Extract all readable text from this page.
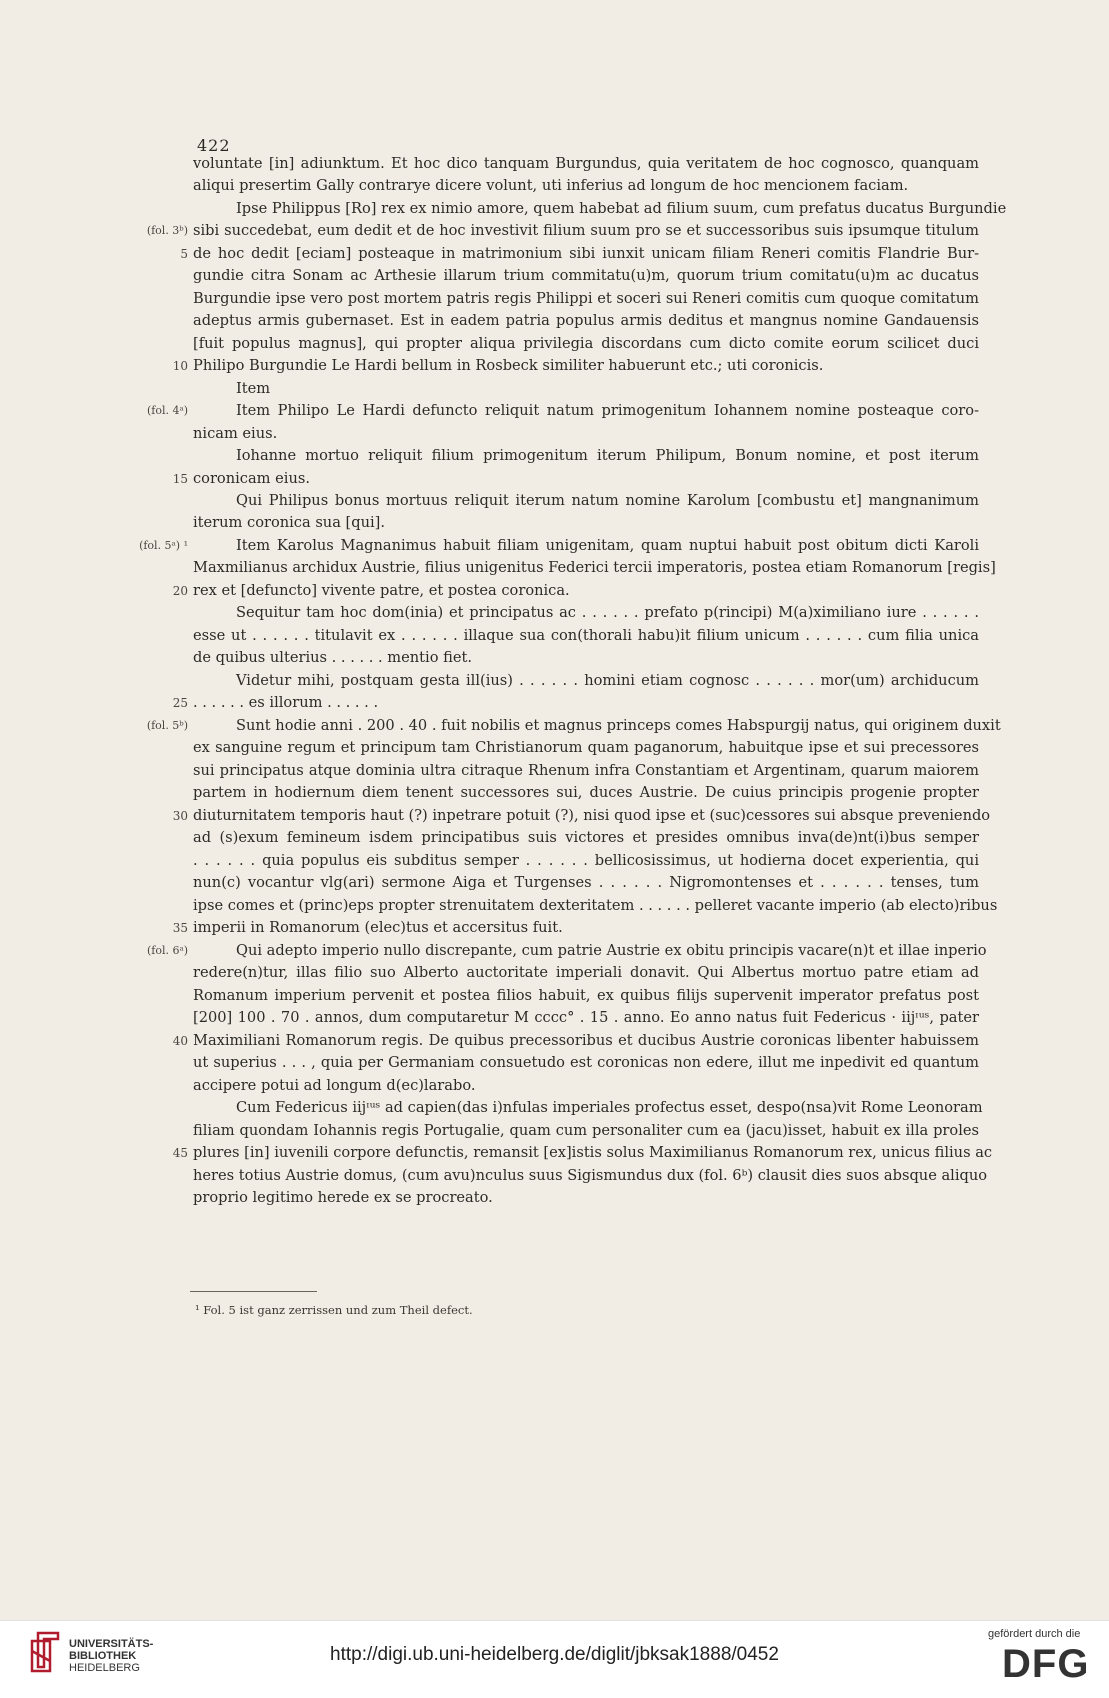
422
voluntate [in] adiunktum. Et hoc dico tanquam Burgundus, quia veritatem de hoc cognosco, quanquam
aliqui presertim Gally contrarye dicere volunt, uti inferius ad longum de hoc mencionem faciam.
Ipse Philippus [Ro] rex ex nimio amore, quem habebat ad filium suum, cum prefatus ducatus Burgundie
sibi succedebat, eum dedit et de hoc investivit filium suum pro se et successoribus suis ipsumque titulum
de hoc dedit [eciam] posteaque in matrimonium sibi iunxit unicam filiam Reneri comitis Flandrie Bur-
gundie citra Sonam ac Arthesie illarum trium commitatu(u)m, quorum trium comitatu(u)m ac ducatus
Burgundie ipse vero post mortem patris regis Philippi et soceri sui Reneri comitis cum quoque comitatum
adeptus armis gubernaset. Est in eadem patria populus armis deditus et mangnus nomine Gandauensis
[fuit populus magnus], qui propter aliqua privilegia discordans cum dicto comite eorum scilicet duci
Philipo Burgundie Le Hardi bellum in Rosbeck similiter habuerunt etc.; uti coronicis.
Item
Item Philipo Le Hardi defuncto reliquit natum primogenitum Iohannem nomine posteaque coro-
nicam eius.
Iohanne mortuo reliquit filium primogenitum iterum Philipum, Bonum nomine, et post iterum
coronicam eius.
Qui Philipus bonus mortuus reliquit iterum natum nomine Karolum [combustu et] mangnanimum
iterum coronica sua [qui].
Item Karolus Magnanimus habuit filiam unigenitam, quam nuptui habuit post obitum dicti Karoli
Maxmilianus archidux Austrie, filius unigenitus Federici tercii imperatoris, postea etiam Romanorum [regis]
rex et [defuncto] vivente patre, et postea coronica.
Sequitur tam hoc dom(inia) et principatus ac . . . . . . prefato p(rincipi) M(a)ximiliano iure . . . . . .
esse ut . . . . . . titulavit ex . . . . . . illaque sua con(thorali habu)it filium unicum . . . . . . cum filia unica
de quibus ulterius . . . . . . mentio fiet.
Videtur mihi, postquam gesta ill(ius) . . . . . . homini etiam cognosc . . . . . . mor(um) archiducum
. . . . . . es illorum . . . . . .
Sunt hodie anni . 200 . 40 . fuit nobilis et magnus princeps comes Habspurgij natus, qui originem duxit
ex sanguine regum et principum tam Christianorum quam paganorum, habuitque ipse et sui precessores
sui principatus atque dominia ultra citraque Rhenum infra Constantiam et Argentinam, quarum maiorem
partem in hodiernum diem tenent successores sui, duces Austrie. De cuius principis progenie propter
diuturnitatem temporis haut (?) inpetrare potuit (?), nisi quod ipse et (suc)cessores sui absque preveniendo
ad (s)exum femineum isdem principatibus suis victores et presides omnibus inva(de)nt(i)bus semper
. . . . . . quia populus eis subditus semper . . . . . . bellicosissimus, ut hodierna docet experientia, qui
nun(c) vocantur vlg(ari) sermone Aiga et Turgenses . . . . . . Nigromontenses et . . . . . . tenses, tum
ipse comes et (princ)eps propter strenuitatem dexteritatem . . . . . . pelleret vacante imperio (ab electo)ribus
imperii in Romanorum (elec)tus et accersitus fuit.
Qui adepto imperio nullo discrepante, cum patrie Austrie ex obitu principis vacare(n)t et illae inperio
redere(n)tur, illas filio suo Alberto auctoritate imperiali donavit. Qui Albertus mortuo patre etiam ad
Romanum imperium pervenit et postea filios habuit, ex quibus filijs supervenit imperator prefatus post
[200] 100 . 70 . annos, dum computaretur M cccc° . 15 . anno. Eo anno natus fuit Federicus · iijᶦᵘˢ, pater
Maximiliani Romanorum regis. De quibus precessoribus et ducibus Austrie coronicas libenter habuissem
ut superius . . . , quia per Germaniam consuetudo est coronicas non edere, illut me inpedivit ed quantum
accipere potui ad longum d(ec)larabo.
Cum Federicus iijᶦᵘˢ ad capien(das i)nfulas imperiales profectus esset, despo(nsa)vit Rome Leonoram
filiam quondam Iohannis regis Portugalie, quam cum personaliter cum ea (jacu)isset, habuit ex illa proles
plures [in] iuvenili corpore defunctis, remansit [ex]istis solus Maximilianus Romanorum rex, unicus filius ac
heres totius Austrie domus, (cum avu)nculus suus Sigismundus dux (fol. 6ᵇ) clausit dies suos absque aliquo
proprio legitimo herede ex se procreato.
(fol. 3ᵇ)
5
10
(fol. 4ᵃ)
15
(fol. 5ᵃ) ¹
20
25
(fol. 5ᵇ)
30
35
(fol. 6ᵃ)
40
45
¹ Fol. 5 ist ganz zerrissen und zum Theil defect.
UNIVERSITÄTS-
BIBLIOTHEK
HEIDELBERG
http://digi.ub.uni-heidelberg.de/diglit/jbksak1888/0452
gefördert durch die
DFG
